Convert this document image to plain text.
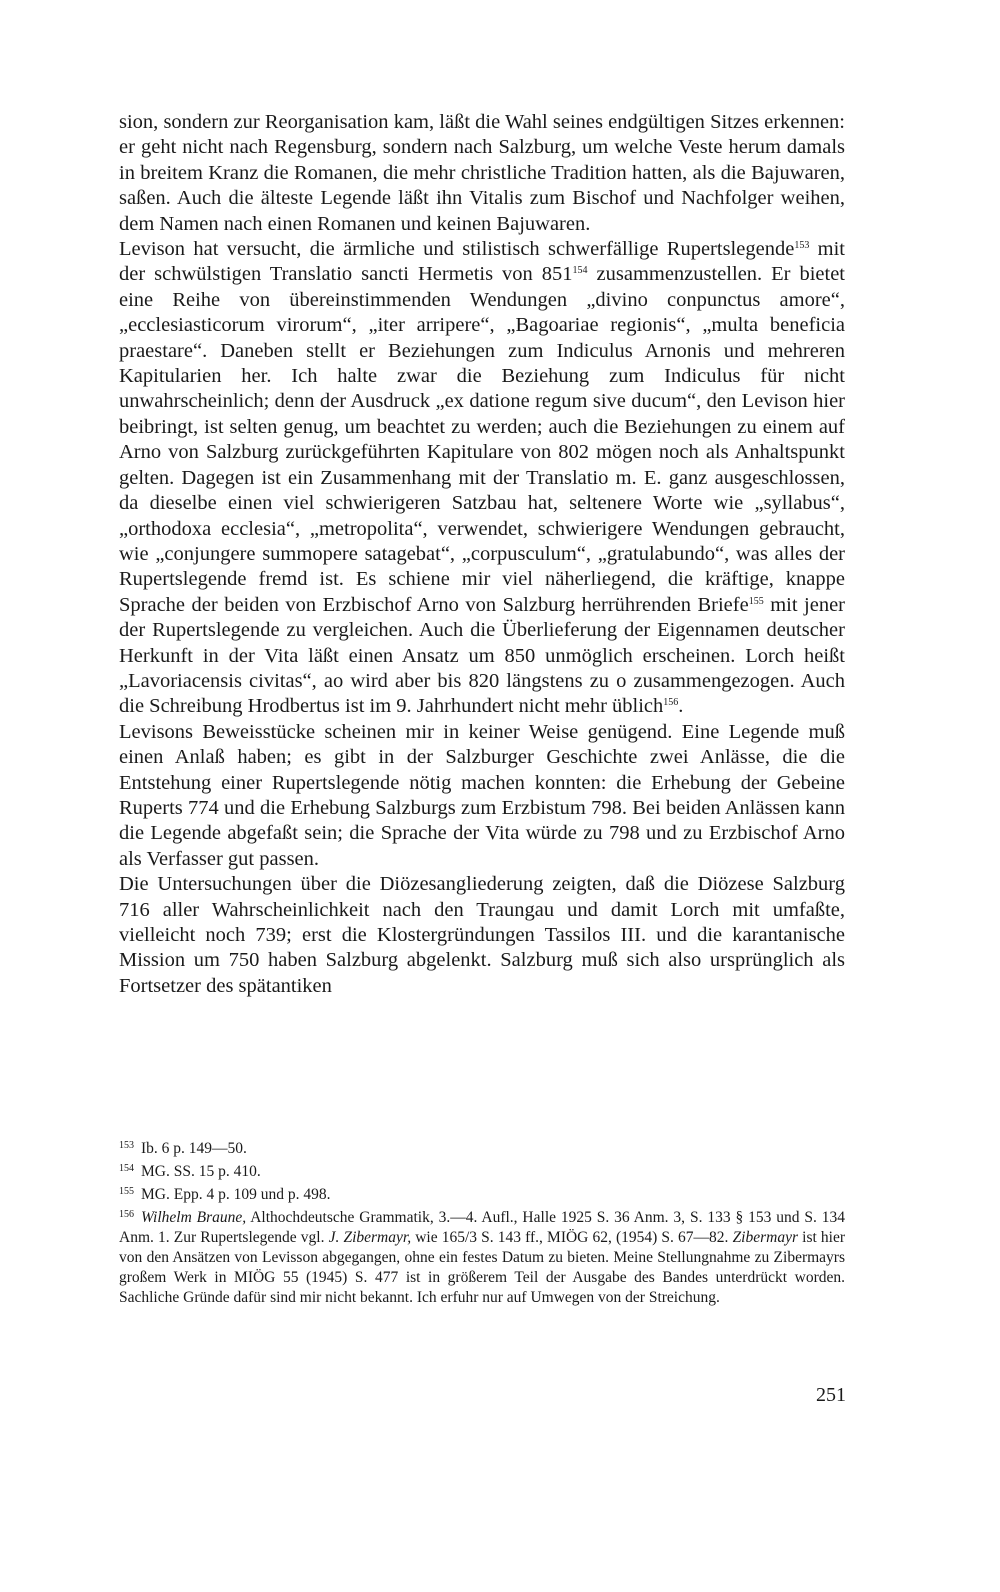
sion, sondern zur Reorganisation kam, läßt die Wahl seines endgültigen Sitzes erkennen: er geht nicht nach Regensburg, sondern nach Salzburg, um welche Veste herum damals in breitem Kranz die Romanen, die mehr christliche Tradition hatten, als die Bajuwaren, saßen. Auch die älteste Legende läßt ihn Vitalis zum Bischof und Nachfolger weihen, dem Namen nach einen Romanen und keinen Bajuwaren.

Levison hat versucht, die ärmliche und stilistisch schwerfällige Rupertslegende$^{153}$ mit der schwülstigen Translatio sancti Hermetis von $851^{154}$ zusammenzustellen. Er bietet eine Reihe von übereinstimmenden Wendungen „divino conpunctus amore“, „ecclesiasticorum virorum“, „iter arripere“, „Bagoariae regionis“, „multa beneficia praestare“. Daneben stellt er Beziehungen zum Indiculus Arnonis und mehreren Kapitularien her. Ich halte zwar die Beziehung zum Indiculus für nicht unwahrscheinlich; denn der Ausdruck „ex datione regum sive ducum“, den Levison hier beibringt, ist selten genug, um beachtet zu werden; auch die Beziehungen zu einem auf Arno von Salzburg zurückgeführten Kapitulare von 802 mögen noch als Anhaltspunkt gelten. Dagegen ist ein Zusammenhang mit der Translatio m. E. ganz ausgeschlossen, da dieselbe einen viel schwierigeren Satzbau hat, seltenere Worte wie „syllabus“, „orthodoxa ecclesia“, „metropolita“, verwendet, schwierigere Wendungen gebraucht, wie „conjungere summopere satagebat“, „corpusculum“, „gratulabundo“, was alles der Rupertslegende fremd ist. Es schiene mir viel näherliegend, die kräftige, knappe Sprache der beiden von Erzbischof Arno von Salzburg herrührenden Briefe$^{155}$ mit jener der Rupertslegende zu vergleichen. Auch die Überlieferung der Eigennamen deutscher Herkunft in der Vita läßt einen Ansatz um 850 unmöglich erscheinen. Lorch heißt „Lavoriacensis civitas“, ao wird aber bis 820 längstens zu o zusammengezogen. Auch die Schreibung Hrodbertus ist im 9. Jahrhundert nicht mehr üblich$^{156}$.

Levisons Beweisstücke scheinen mir in keiner Weise genügend. Eine Legende muß einen Anlaß haben; es gibt in der Salzburger Geschichte zwei Anlässe, die die Entstehung einer Rupertslegende nötig machen konnten: die Erhebung der Gebeine Ruperts 774 und die Erhebung Salzburgs zum Erzbistum 798. Bei beiden Anlässen kann die Legende abgefaßt sein; die Sprache der Vita würde zu 798 und zu Erzbischof Arno als Verfasser gut passen.

Die Untersuchungen über die Diözesangliederung zeigten, daß die Diözese Salzburg 716 aller Wahrscheinlichkeit nach den Traungau und damit Lorch mit umfaßte, vielleicht noch 739; erst die Klostergründungen Tassilos III. und die karantanische Mission um 750 haben Salzburg abgelenkt. Salzburg muß sich also ursprünglich als Fortsetzer des spätantiken

153 Ib. 6 p. 149—50.

154 MG. SS. 15 p. 410.

155 MG. Epp. 4 p. 109 und p. 498.

156 Wilhelm Braune, Althochdeutsche Grammatik, 3.—4. Aufl., Halle 1925 S. 36 Anm. 3, S. 133 § 153 und S. 134 Anm. 1. Zur Rupertslegende vgl. J. Zibermayr, wie 165/3 S. 143 ff., MIÖG 62, (1954) S. 67—82. Zibermayr ist hier von den Ansätzen von Levisson abgegangen, ohne ein festes Datum zu bieten. Meine Stellungnahme zu Zibermayrs großem Werk in MIÖG 55 (1945) S. 477 ist in größerem Teil der Ausgabe des Bandes unterdrückt worden. Sachliche Gründe dafür sind mir nicht bekannt. Ich erfuhr nur auf Umwegen von der Streichung.

251
